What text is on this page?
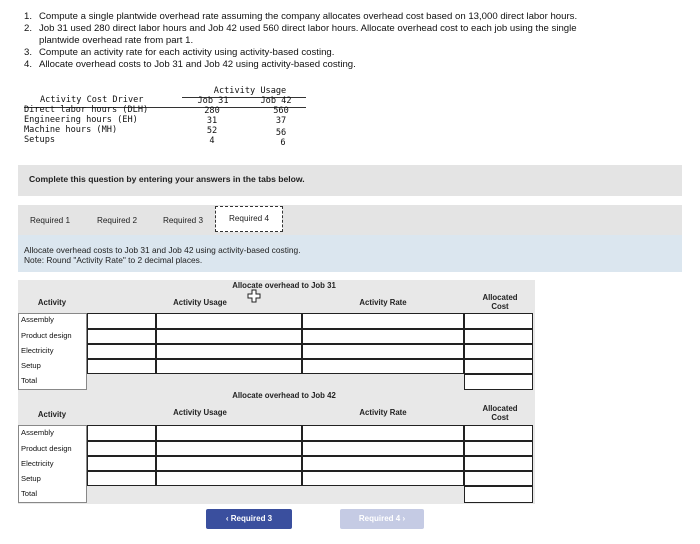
1. Compute a single plantwide overhead rate assuming the company allocates overhead cost based on 13,000 direct labor hours.
2. Job 31 used 280 direct labor hours and Job 42 used 560 direct labor hours. Allocate overhead cost to each job using the single
plantwide overhead rate from part 1.
3. Compute an activity rate for each activity using activity-based costing.
4. Allocate overhead costs to Job 31 and Job 42 using activity-based costing.
Activity Usage
Activity Cost Driver	Job 31	Job 42
Direct labor hours (DLH)	280	560
Engineering hours (EH)	31	37
Machine hours (MH)	52	56
Setups	4	6
Complete this question by entering your answers in the tabs below.
Required 1	Required 2	Required 3	Required 4
Allocate overhead costs to Job 31 and Job 42 using activity-based costing.
Note: Round "Activity Rate" to 2 decimal places.
Allocate overhead to Job 31
Activity	Activity Usage	Activity Rate
Allocated
Cost
Assembly
Product design
Electricity
Setup
Total
Allocate overhead to Job 42
Activity	Activity Usage	Activity Rate	Allocated
Cost
Assembly
Product design
Electricity
Setup
Total
‹ Required 3	Required 4 ›
